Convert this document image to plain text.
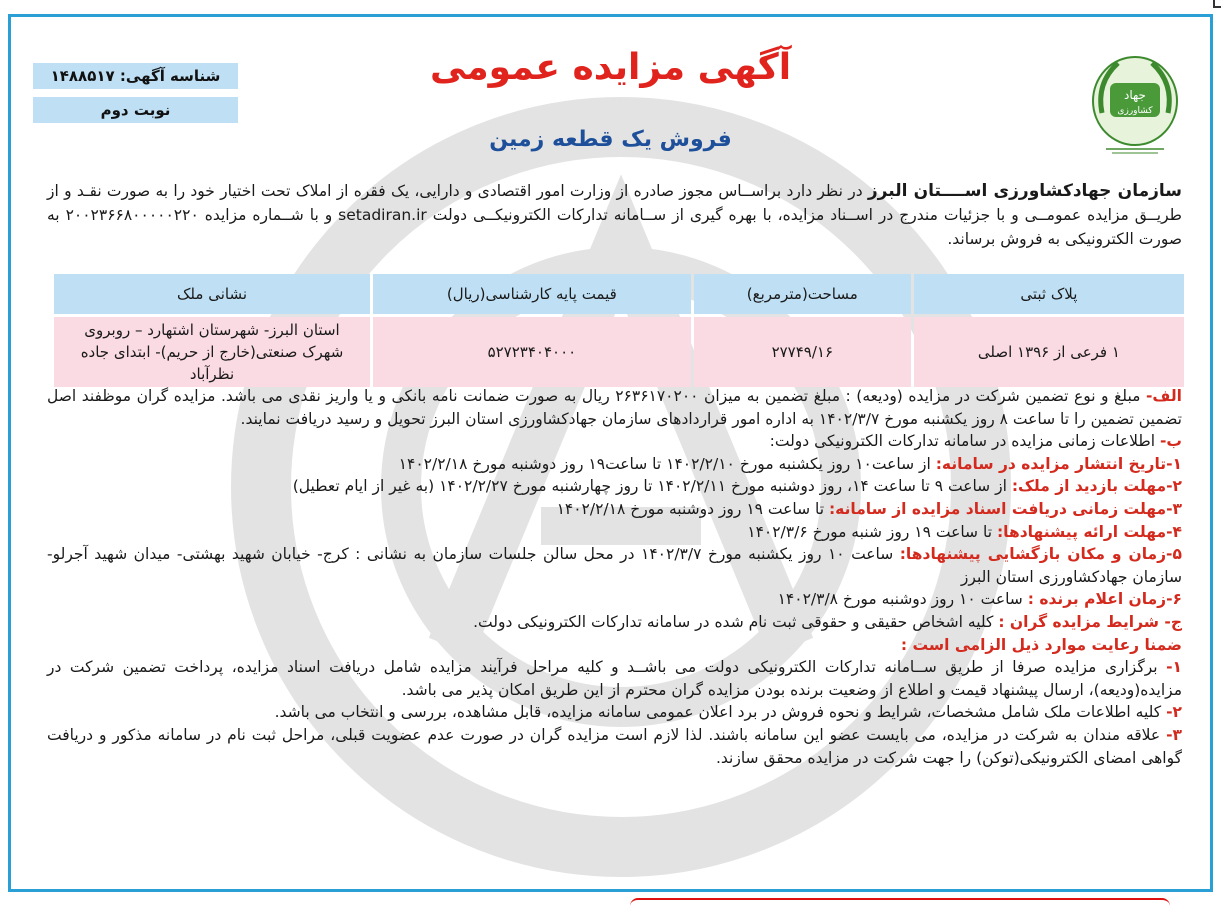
جهاد
کشاورزی
شناسه آگهی: ۱۴۸۸۵۱۷
نوبت دوم
آگهی مزایده عمومی
فروش یک قطعه زمین
سازمان جهادکشاورزی اســــتان البرز در نظر دارد براســاس مجوز صادره از وزارت امور اقتصادی و دارایی، یک فقره از املاک تحت اختیار خود را به صورت نقـد و از طریــق مزایده عمومــی و با جزئیات مندرج در اســناد مزایده، با بهره گیری از ســامانه تدارکات الکترونیکــی دولت setadiran.ir و با شــماره مزایده ۲۰۰۲۳۶۶۸۰۰۰۰۰۲۲۰ به صورت الکترونیکی به فروش برساند.
پلاک ثبتی	مساحت(مترمربع)	قیمت پایه کارشناسی(ریال)	نشانی ملک
۱ فرعی از ۱۳۹۶ اصلی	۲۷۷۴۹/۱۶	۵۲۷۲۳۴۰۴۰۰۰	استان البرز- شهرستان اشتهارد – روبروی شهرک صنعتی(خارج از حریم)- ابتدای جاده نظرآباد

الف- مبلغ و نوع تضمین شرکت در مزایده (ودیعه) : مبلغ تضمین به میزان ۲۶۳۶۱۷۰۲۰۰ ریال به صورت ضمانت نامه بانکی و یا واریز نقدی می باشد. مزایده گران موظفند اصل تضمین تضمین را تا ساعت ۸ روز یکشنبه مورخ ۱۴۰۲/۳/۷ به اداره امور قراردادهای سازمان جهادکشاورزی استان البرز تحویل و رسید دریافت نمایند.

ب- اطلاعات زمانی مزایده در سامانه تدارکات الکترونیکی دولت:

۱-تاریخ انتشار مزایده در سامانه: از ساعت۱۰ روز یکشنبه مورخ ۱۴۰۲/۲/۱۰ تا ساعت۱۹ روز دوشنبه مورخ ۱۴۰۲/۲/۱۸

۲-مهلت بازدید از ملک: از ساعت ۹ تا ساعت ۱۴، روز دوشنبه مورخ ۱۴۰۲/۲/۱۱ تا روز چهارشنبه مورخ ۱۴۰۲/۲/۲۷ (به غیر از ایام تعطیل)

۳-مهلت زمانی دریافت اسناد مزایده از سامانه: تا ساعت ۱۹ روز دوشنبه مورخ ۱۴۰۲/۲/۱۸

۴-مهلت ارائه پیشنهادها: تا ساعت ۱۹ روز شنبه مورخ ۱۴۰۲/۳/۶

۵-زمان و مکان بازگشایی پیشنهادها: ساعت ۱۰ روز یکشنبه مورخ ۱۴۰۲/۳/۷ در محل سالن جلسات سازمان به نشانی : کرج- خیابان شهید بهشتی- میدان شهید آجرلو- سازمان جهادکشاورزی استان البرز

۶-زمان اعلام برنده : ساعت ۱۰ روز دوشنبه مورخ ۱۴۰۲/۳/۸

ج- شرایط مزایده گران : کلیه اشخاص حقیقی و حقوقی ثبت نام شده در سامانه تدارکات الکترونیکی دولت.

ضمنا رعایت موارد ذیل الزامی است :

۱- برگزاری مزایده صرفا از طریق ســامانه تدارکات الکترونیکی دولت می باشــد و کلیه مراحل فرآیند مزایده شامل دریافت اسناد مزایده، پرداخت تضمین شرکت در مزایده(ودیعه)، ارسال پیشنهاد قیمت و اطلاع از وضعیت برنده بودن مزایده گران محترم از این طریق امکان پذیر می باشد.

۲- کلیه اطلاعات ملک شامل مشخصات، شرایط و نحوه فروش در برد اعلان عمومی سامانه مزایده، قابل مشاهده، بررسی و انتخاب می باشد.

۳- علاقه مندان به شرکت در مزایده، می بایست عضو این سامانه باشند. لذا لازم است مزایده گران در صورت عدم عضویت قبلی، مراحل ثبت نام در سامانه مذکور و دریافت گواهی امضای الکترونیکی(توکن) را جهت شرکت در مزایده محقق سازند.
